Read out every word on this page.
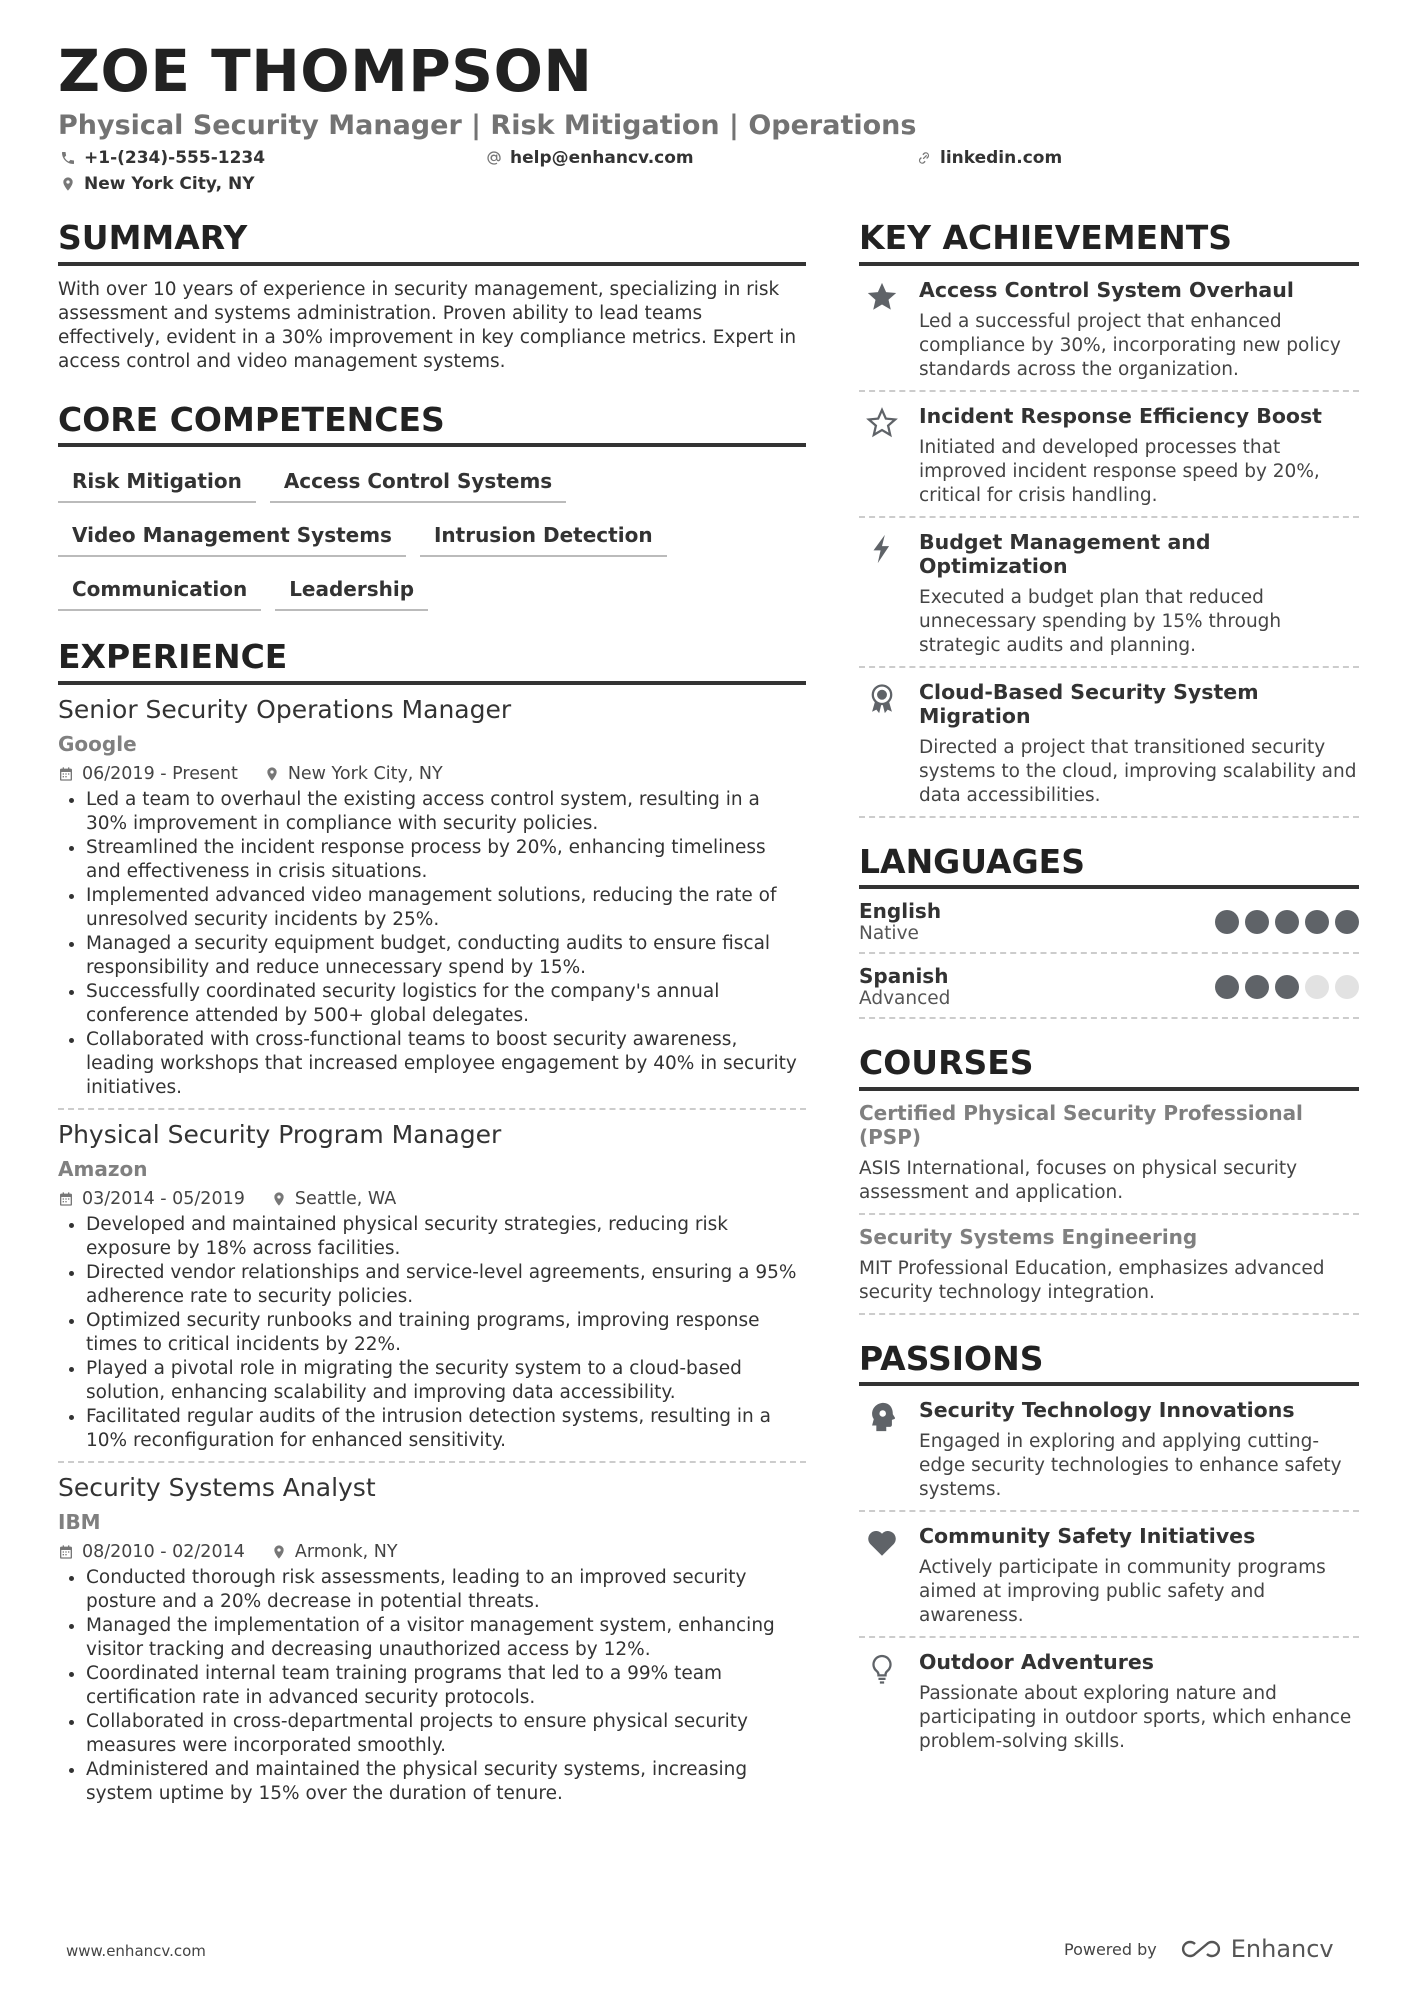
ZOE THOMPSON
Physical Security Manager | Risk Mitigation | Operations
+1-(234)-555-1234	help@enhancv.com	linkedin.com
New York City, NY
SUMMARY

With over 10 years of experience in security management, specializing in risk assessment and systems administration. Proven ability to lead teams effectively, evident in a 30% improvement in key compliance metrics. Expert in access control and video management systems.

CORE COMPETENCES
Risk Mitigation	Access Control Systems
Video Management Systems	Intrusion Detection
Communication	Leadership
EXPERIENCE
Senior Security Operations Manager
Google
06/2019 - Present	New York City, NY
• Led a team to overhaul the existing access control system, resulting in a 30% improvement in compliance with security policies.
• Streamlined the incident response process by 20%, enhancing timeliness and effectiveness in crisis situations.
• Implemented advanced video management solutions, reducing the rate of unresolved security incidents by 25%.
• Managed a security equipment budget, conducting audits to ensure fiscal responsibility and reduce unnecessary spend by 15%.
• Successfully coordinated security logistics for the company's annual conference attended by 500+ global delegates.
• Collaborated with cross-functional teams to boost security awareness, leading workshops that increased employee engagement by 40% in security initiatives.
Physical Security Program Manager
Amazon
03/2014 - 05/2019	Seattle, WA
• Developed and maintained physical security strategies, reducing risk exposure by 18% across facilities.
• Directed vendor relationships and service-level agreements, ensuring a 95% adherence rate to security policies.
• Optimized security runbooks and training programs, improving response times to critical incidents by 22%.
• Played a pivotal role in migrating the security system to a cloud-based solution, enhancing scalability and improving data accessibility.
• Facilitated regular audits of the intrusion detection systems, resulting in a 10% reconfiguration for enhanced sensitivity.
Security Systems Analyst
IBM
08/2010 - 02/2014	Armonk, NY
• Conducted thorough risk assessments, leading to an improved security posture and a 20% decrease in potential threats.
• Managed the implementation of a visitor management system, enhancing visitor tracking and decreasing unauthorized access by 12%.
• Coordinated internal team training programs that led to a 99% team certification rate in advanced security protocols.
• Collaborated in cross-departmental projects to ensure physical security measures were incorporated smoothly.
• Administered and maintained the physical security systems, increasing system uptime by 15% over the duration of tenure.
KEY ACHIEVEMENTS
Access Control System Overhaul
Led a successful project that enhanced compliance by 30%, incorporating new policy standards across the organization.
Incident Response Efficiency Boost
Initiated and developed processes that improved incident response speed by 20%, critical for crisis handling.
Budget Management and Optimization
Executed a budget plan that reduced unnecessary spending by 15% through strategic audits and planning.
Cloud-Based Security System Migration
Directed a project that transitioned security systems to the cloud, improving scalability and data accessibilities.
LANGUAGES
English
Native
Spanish
Advanced
COURSES
Certified Physical Security Professional (PSP)
ASIS International, focuses on physical security assessment and application.
Security Systems Engineering
MIT Professional Education, emphasizes advanced security technology integration.
PASSIONS
Security Technology Innovations
Engaged in exploring and applying cutting-edge security technologies to enhance safety systems.
Community Safety Initiatives
Actively participate in community programs aimed at improving public safety and awareness.
Outdoor Adventures
Passionate about exploring nature and participating in outdoor sports, which enhance problem-solving skills.
www.enhancv.com	Powered by	Enhancv
